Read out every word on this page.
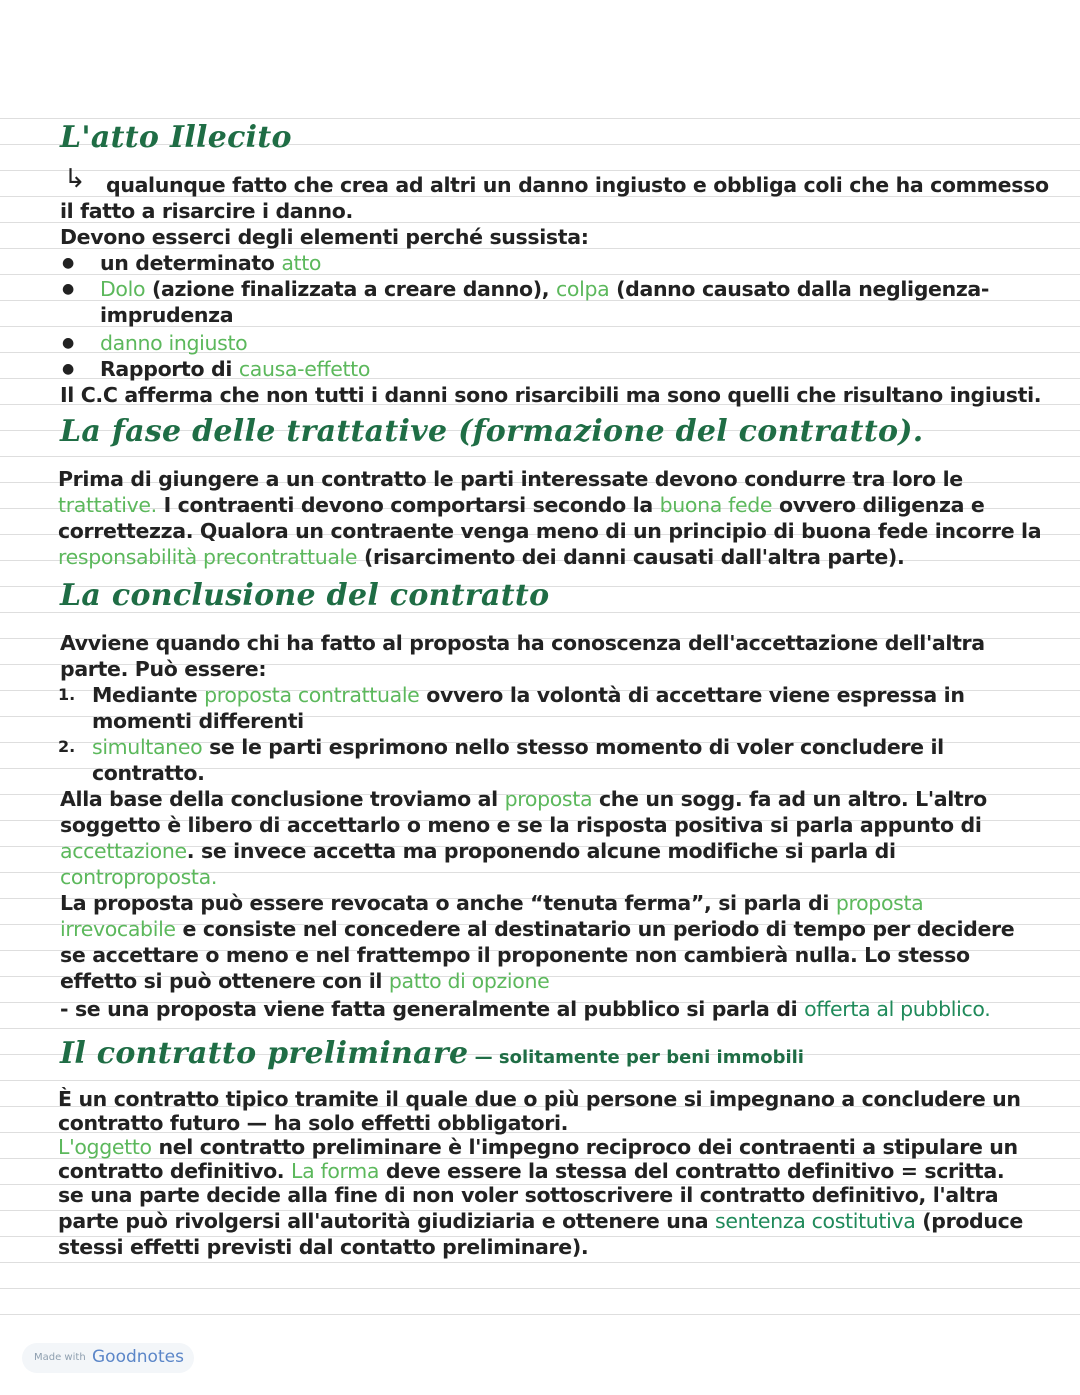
L'atto Illecito
↳ qualunque fatto che crea ad altri un danno ingiusto e obbliga coli che ha commesso
il fatto a risarcire i danno.
Devono esserci degli elementi perché sussista:
● un determinato atto
● Dolo (azione finalizzata a creare danno), colpa (danno causato dalla negligenza-
imprudenza
● danno ingiusto
● Rapporto di causa-effetto
Il C.C afferma che non tutti i danni sono risarcibili ma sono quelli che risultano ingiusti.
La fase delle trattative (formazione del contratto).
Prima di giungere a un contratto le parti interessate devono condurre tra loro le
trattative. I contraenti devono comportarsi secondo la buona fede ovvero diligenza e
correttezza. Qualora un contraente venga meno di un principio di buona fede incorre la
responsabilità precontrattuale (risarcimento dei danni causati dall'altra parte).
La conclusione del contratto
Avviene quando chi ha fatto al proposta ha conoscenza dell'accettazione dell'altra
parte. Può essere:
1. Mediante proposta contrattuale ovvero la volontà di accettare viene espressa in
momenti differenti
2. simultaneo se le parti esprimono nello stesso momento di voler concludere il
contratto.
Alla base della conclusione troviamo al proposta che un sogg. fa ad un altro. L'altro
soggetto è libero di accettarlo o meno e se la risposta positiva si parla appunto di
accettazione. se invece accetta ma proponendo alcune modifiche si parla di
controproposta.
La proposta può essere revocata o anche “tenuta ferma”, si parla di proposta
irrevocabile e consiste nel concedere al destinatario un periodo di tempo per decidere
se accettare o meno e nel frattempo il proponente non cambierà nulla. Lo stesso
effetto si può ottenere con il patto di opzione
- se una proposta viene fatta generalmente al pubblico si parla di offerta al pubblico.
Il contratto preliminare — solitamente per beni immobili
È un contratto tipico tramite il quale due o più persone si impegnano a concludere un
contratto futuro — ha solo effetti obbligatori.
L'oggetto nel contratto preliminare è l'impegno reciproco dei contraenti a stipulare un
contratto definitivo. La forma deve essere la stessa del contratto definitivo = scritta.
se una parte decide alla fine di non voler sottoscrivere il contratto definitivo, l'altra
parte può rivolgersi all'autorità giudiziaria e ottenere una sentenza costitutiva (produce
stessi effetti previsti dal contatto preliminare).
Made with Goodnotes
